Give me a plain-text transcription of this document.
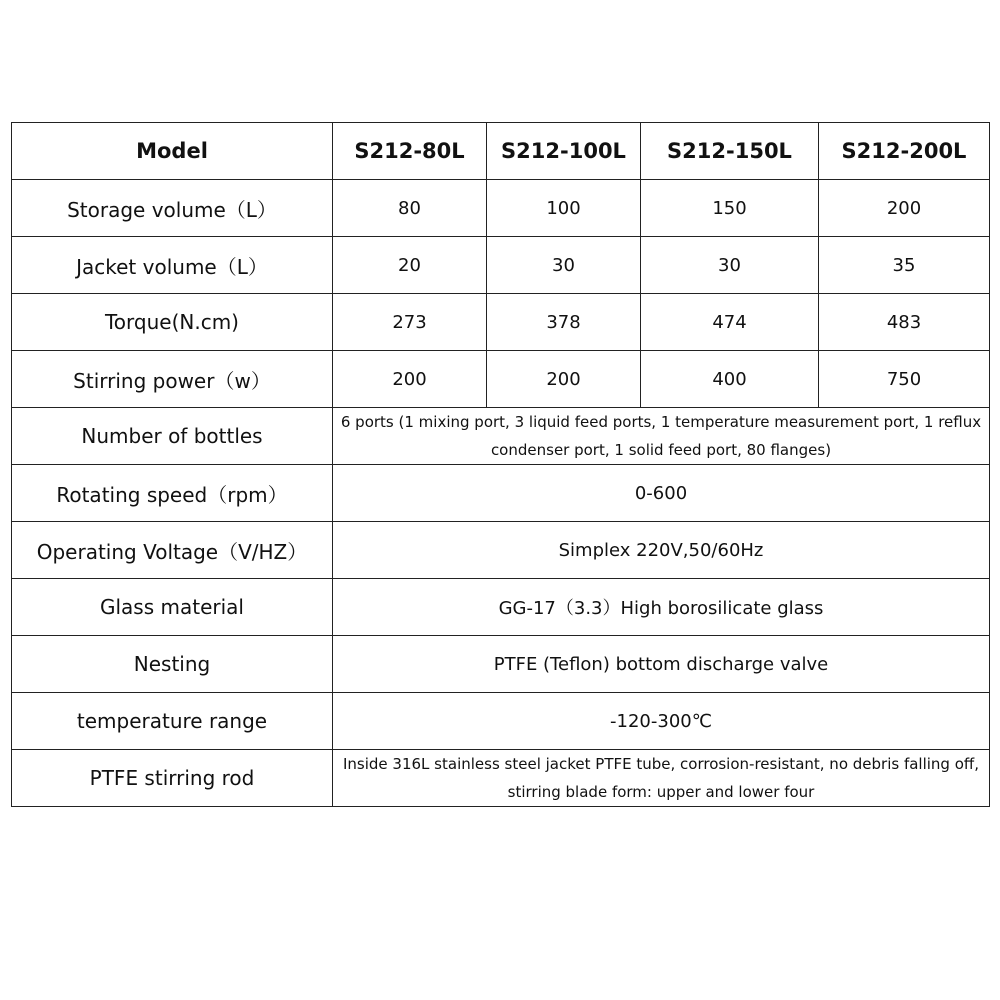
Model	S212-80L	S212-100L	S212-150L	S212-200L
Storage volume（L）	80	100	150	200
Jacket volume（L）	20	30	30	35
Torque(N.cm)	273	378	474	483
Stirring power（w）	200	200	400	750
Number of bottles	6 ports (1 mixing port, 3 liquid feed ports, 1 temperature measurement port, 1 reflux condenser port, 1 solid feed port, 80 flanges)			
Rotating speed（rpm）	0-600			
Operating Voltage（V/HZ）	Simplex 220V,50/60Hz			
Glass material	GG-17（3.3）High borosilicate glass			
Nesting	PTFE (Teflon) bottom discharge valve			
temperature range	-120-300℃			
PTFE stirring rod	Inside 316L stainless steel jacket PTFE tube, corrosion-resistant, no debris falling off, stirring blade form: upper and lower four			
